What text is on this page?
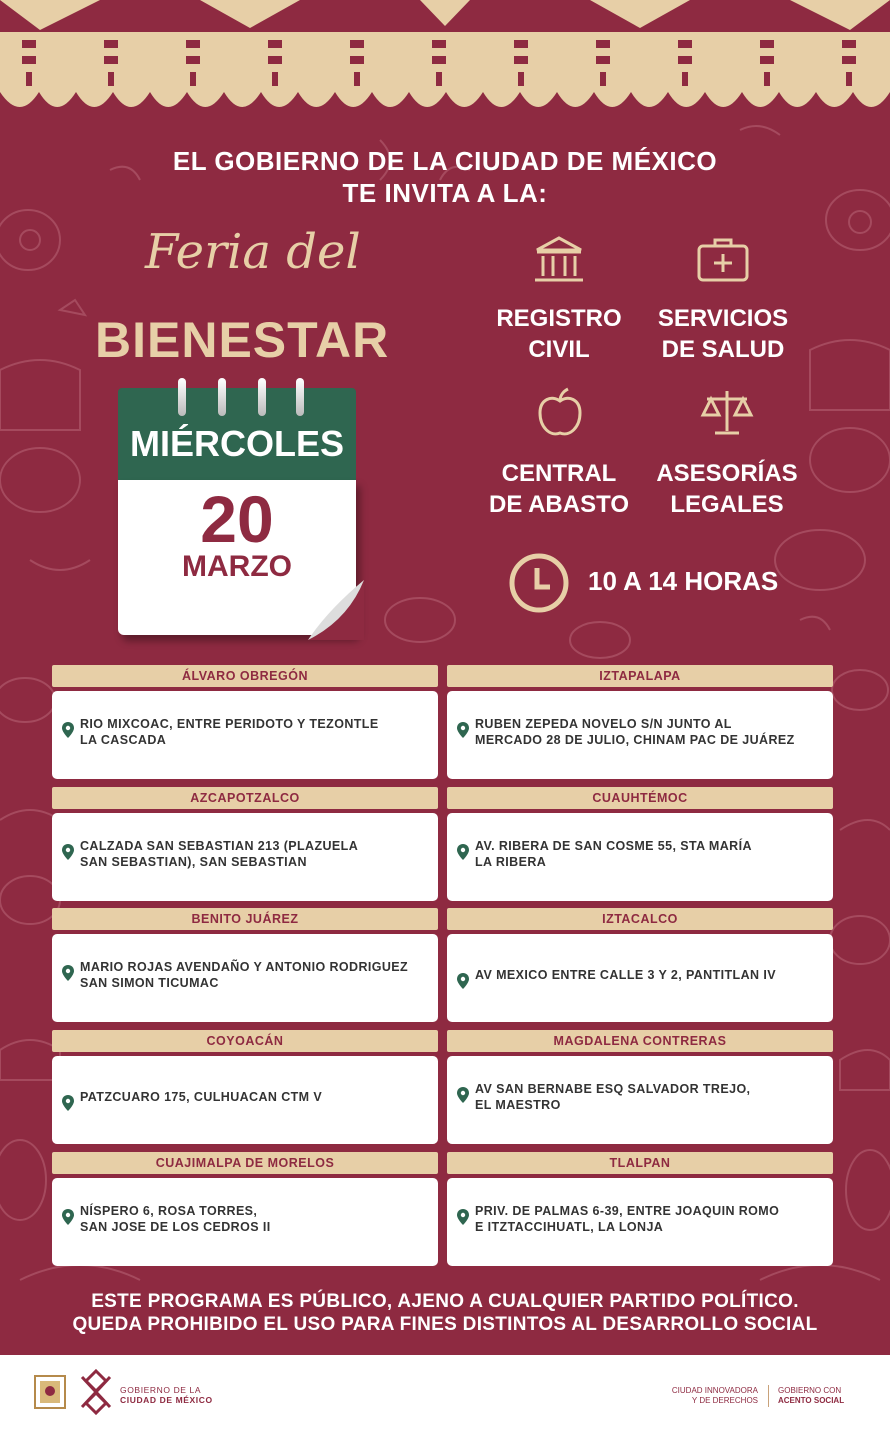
EL GOBIERNO DE LA CIUDAD DE MÉXICO
TE INVITA A LA:
Feria del
BIENESTAR
MIÉRCOLES
20
MARZO
REGISTRO
CIVIL
SERVICIOS
DE SALUD
CENTRAL
DE ABASTO
ASESORÍAS
LEGALES
10 A 14 HORAS
ÁLVARO OBREGÓN
RIO MIXCOAC, ENTRE PERIDOTO Y TEZONTLE
LA CASCADA
IZTAPALAPA
RUBEN ZEPEDA NOVELO S/N JUNTO AL
MERCADO 28 DE JULIO, CHINAM PAC DE JUÁREZ
AZCAPOTZALCO
CALZADA SAN SEBASTIAN 213 (PLAZUELA
SAN SEBASTIAN), SAN SEBASTIAN
CUAUHTÉMOC
AV. RIBERA DE SAN COSME 55, STA MARÍA
LA RIBERA
BENITO JUÁREZ
MARIO ROJAS AVENDAÑO Y ANTONIO RODRIGUEZ
SAN SIMON TICUMAC
IZTACALCO
AV MEXICO ENTRE CALLE 3 Y 2, PANTITLAN IV
COYOACÁN
PATZCUARO 175, CULHUACAN CTM V
MAGDALENA CONTRERAS
AV SAN BERNABE ESQ SALVADOR TREJO,
EL MAESTRO
CUAJIMALPA DE MORELOS
NÍSPERO 6, ROSA TORRES,
SAN JOSE DE LOS CEDROS II
TLALPAN
PRIV. DE PALMAS 6-39, ENTRE JOAQUIN ROMO
E ITZTACCIHUATL, LA LONJA
ESTE PROGRAMA ES PÚBLICO, AJENO A CUALQUIER PARTIDO POLÍTICO.
QUEDA PROHIBIDO EL USO PARA FINES DISTINTOS AL DESARROLLO SOCIAL
GOBIERNO DE LA
CIUDAD DE MÉXICO
CIUDAD INNOVADORA
Y DE DERECHOS
GOBIERNO CON
ACENTO SOCIAL
